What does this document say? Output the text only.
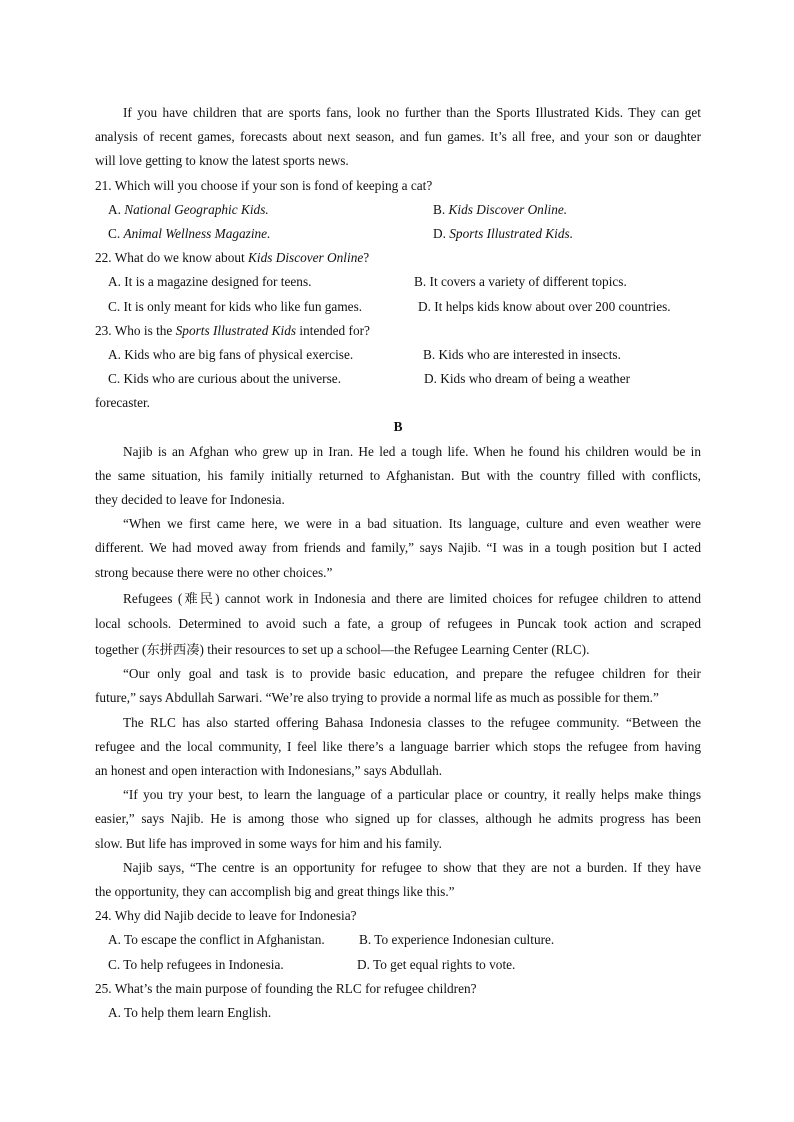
If you have children that are sports fans, look no further than the Sports Illustrated Kids. They can get
analysis of recent games, forecasts about next season, and fun games. It’s all free, and your son or daughter
will love getting to know the latest sports news.
21. Which will you choose if your son is fond of keeping a cat?
A. National Geographic Kids.	B. Kids Discover Online.
C. Animal Wellness Magazine.	D. Sports Illustrated Kids.
22. What do we know about Kids Discover Online?
A. It is a magazine designed for teens.	B. It covers a variety of different topics.
C. It is only meant for kids who like fun games.	D. It helps kids know about over 200 countries.
23. Who is the Sports Illustrated Kids intended for?
A. Kids who are big fans of physical exercise.	B. Kids who are interested in insects.
C. Kids who are curious about the universe.	D. Kids who dream of being a weather
forecaster.
B
Najib is an Afghan who grew up in Iran. He led a tough life. When he found his children would be in
the same situation, his family initially returned to Afghanistan. But with the country filled with conflicts,
they decided to leave for Indonesia.
“When we first came here, we were in a bad situation. Its language, culture and even weather were
different. We had moved away from friends and family,” says Najib. “I was in a tough position but I acted
strong because there were no other choices.”
Refugees (难民) cannot work in Indonesia and there are limited choices for refugee children to attend
local schools. Determined to avoid such a fate, a group of refugees in Puncak took action and scraped
together (东拼西凑) their resources to set up a school—the Refugee Learning Center (RLC).
“Our only goal and task is to provide basic education, and prepare the refugee children for their
future,” says Abdullah Sarwari. “We’re also trying to provide a normal life as much as possible for them.”
The RLC has also started offering Bahasa Indonesia classes to the refugee community. “Between the
refugee and the local community, I feel like there’s a language barrier which stops the refugee from having
an honest and open interaction with Indonesians,” says Abdullah.
“If you try your best, to learn the language of a particular place or country, it really helps make things
easier,” says Najib. He is among those who signed up for classes, although he admits progress has been
slow. But life has improved in some ways for him and his family.
Najib says, “The centre is an opportunity for refugee to show that they are not a burden. If they have
the opportunity, they can accomplish big and great things like this.”
24. Why did Najib decide to leave for Indonesia?
A. To escape the conflict in Afghanistan.	B. To experience Indonesian culture.
C. To help refugees in Indonesia.	D. To get equal rights to vote.
25. What’s the main purpose of founding the RLC for refugee children?
A. To help them learn English.
